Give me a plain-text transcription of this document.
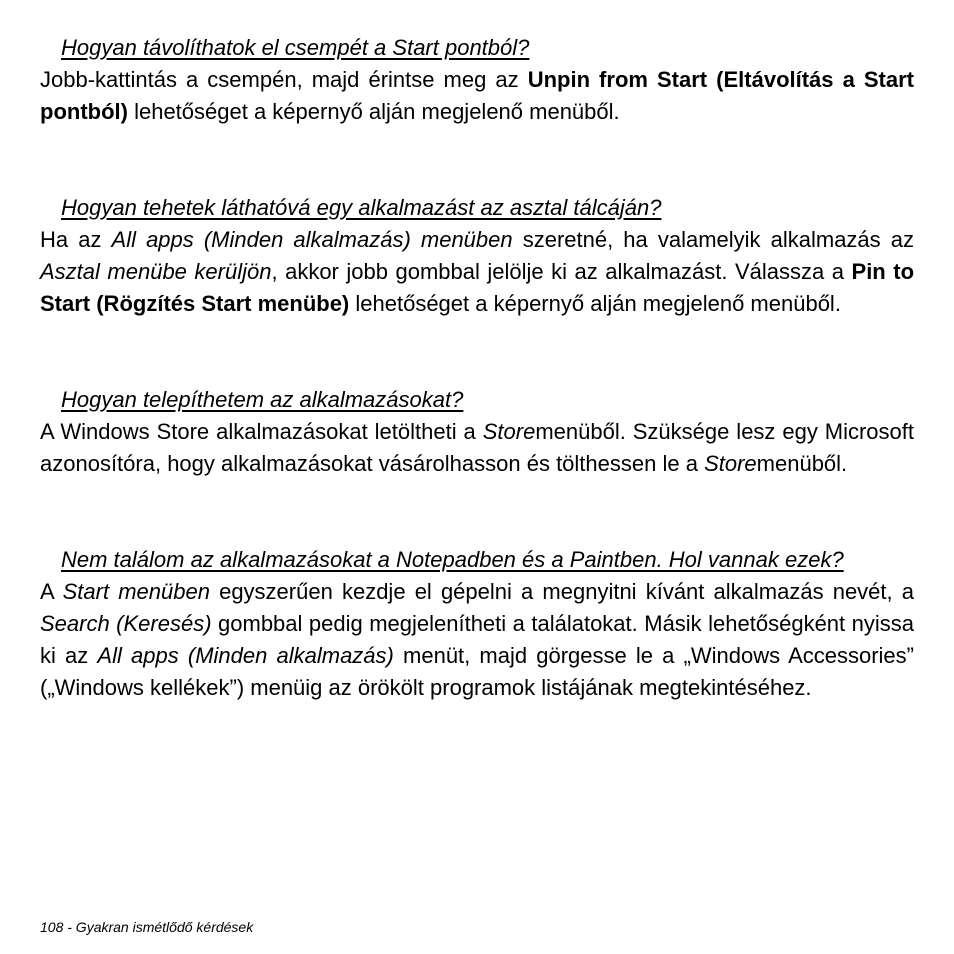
Hogyan távolíthatok el csempét a Start pontból?

Jobb-kattintás a csempén, majd érintse meg az Unpin from Start (Eltávolítás a Start pontból) lehetőséget a képernyő alján megjelenő menüből.

Hogyan tehetek láthatóvá egy alkalmazást az asztal tálcáján?

Ha az All apps (Minden alkalmazás) menüben szeretné, ha valamelyik alkalmazás az Asztal menübe kerüljön, akkor jobb gombbal jelölje ki az alkalmazást. Válassza a Pin to Start (Rögzítés Start menübe) lehetőséget a képernyő alján megjelenő menüből.

Hogyan telepíthetem az alkalmazásokat?

A Windows Store alkalmazásokat letöltheti a Storemenüből. Szüksége lesz egy Microsoft azonosítóra, hogy alkalmazásokat vásárolhasson és tölthessen le a Storemenüből.

Nem találom az alkalmazásokat a Notepadben és a Paintben. Hol vannak ezek?

A Start menüben egyszerűen kezdje el gépelni a megnyitni kívánt alkalmazás nevét, a Search (Keresés) gombbal pedig megjelenítheti a találatokat. Másik lehetőségként nyissa ki az All apps (Minden alkalmazás) menüt, majd görgesse le a „Windows Accessories” („Windows kellékek”) menüig az örökölt programok listájának megtekintéséhez.

108 - Gyakran ismétlődő kérdések
